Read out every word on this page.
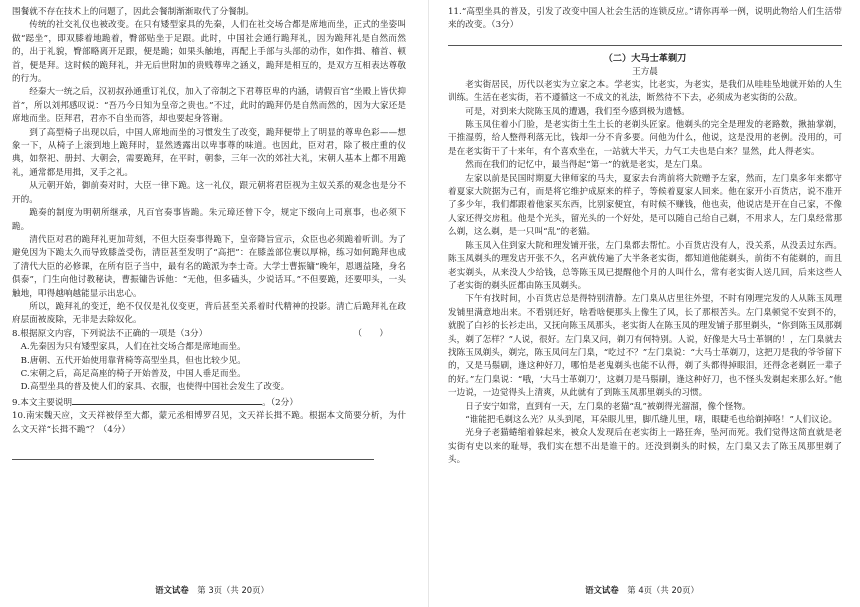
围餐就不存在技术上的问题了，因此会餐制渐渐取代了分餐制。

传统的社交礼仪也被改变。在只有矮型家具的先秦，人们在社交场合都是席地而坐，正式的坐姿叫做“跽坐”，即双膝着地跪着，臀部贴坐于足跟。此时，中国社会通行跪拜礼，因为跪拜礼是自然而然的，出于礼貌，臀部略离开足跟，便是跪；如果头触地，再配上手部与头部的动作，如作揖、稽首、顿首，便是拜。这时候的跪拜礼，并无后世附加的贵贱尊卑之涵义，跪拜是相互的，是双方互相表达尊敬的行为。

经秦大一统之后，汉初叔孙通重订礼仪，加入了帝制之下君尊臣卑的内涵，请假百官“坐殿上皆伏抑首”，所以刘邦感叹说：“吾乃今日知为皇帝之贵也。”不过，此时的跪拜仍是自然而然的，因为大家还是席地而坐。臣拜君，君亦不自坐而答，却也要起身答谢。

到了高型椅子出现以后，中国人席地而坐的习惯发生了改变，跪拜便带上了明显的尊卑色彩——想象一下，从椅子上滚到地上跪拜时，显然透露出以卑事尊的味道。也因此，臣对君，除了极庄重的仪典，如祭祀、册封、大朝会，需要跪拜，在平时，朝参，三年一次的郊社大礼，宋朝人基本上都不用跪礼，通常都是用揖，叉手之礼。

从元朝开始，御前奏对时，大臣一律下跪。这一礼仪，跟元朝将君臣视为主奴关系的观念也是分不开的。

跪奏的制度为明朝所继承，凡百官奏事皆跪。朱元璋还曾下令，规定下级向上司禀事，也必须下跪。

清代臣对君的跪拜礼更加苛刻，不但大臣奏事得跪下，皇帝降旨宣示，众臣也必须跪着听训。为了避免因为下跪太久而导致膝盖受伤，清臣甚至发明了“高把”：在膝盖部位裹以厚棉，练习如何跪拜也成了清代大臣的必修课，在所有臣子当中，最有名的跪派为李士奇。大学士曹振镛“晚年，恩遇益隆，身名俱泰”，门生向他讨教秘诀，曹振镛告诉他：“无他，但多磕头，少说话耳。”不但要跪，还要叩头，一头触地，叩得越响越能显示出忠心。

所以，跪拜礼的变迁，绝不仅仅是礼仪变更，背后甚至关系着时代精神的投影。清亡后跪拜礼在政府层面被废除，无非是去除奴化。

8.根据原文内容，下列说法不正确的一项是（3分）	（　　）

A.先秦因为只有矮型家具，人们在社交场合都是席地而坐。

B.唐朝、五代开始使用靠背椅等高型坐具，但也比较少见。

C.宋朝之后，高足高座的椅子开始普及，中国人垂足而坐。

D.高型坐具的普及使人们的家具、衣服，也使得中国社会发生了改变。

9.本文主要说明	。（2分）

10.南宋魏天应，文天祥被俘至大都，蒙元丞相博罗召见，文天祥长揖不跪。根据本文简要分析，为什么文天祥“长揖不跪”？（4分）

语文试卷 第 3页（共 20页）

11.“高型坐具的普及，引发了改变中国人社会生活的连锁反应。”请你再举一例，说明此物给人们生活带来的改变。（3分）

（二）大马士革剃刀
王方晨

老实街居民，历代以老实为立家之本。学老实，比老实，为老实，是我们从哇哇坠地就开始的人生训练。生活在老实街，若不遵循这一不成文的礼法，断然待不下去，必须成为老实街的公敌。

可是，对到来大院陈玉凤的遭遇，我们至今感到极为遗憾。

陈玉凤住着小门脸，是老实街土生土长的老剃头匠家。他剃头的完全是理发的老路数，揪抽掌剃，干推湿剪，给人整得利落无比，钱却一分不肯多要。问他为什么，他说，这是没用的老例。没用的，可是在老实街干了十来年，有个喜欢坐在，一站就大半天，力气工夫也是白来？显然，此人得老实。

然而在我们的记忆中，最当得起“第一”的就是老实，是左门臬。

左家以前是民国时期夏大律师家的马夫，夏家去台湾前将大院赠予左家，然而，左门臬多年来都守着夏家大院据为己有，而是将它维护成原来的样子，等候着夏家人回来。他在家开小百货店，说不准开了多少年，我们都跟着他家买东西，比别家便宜，有时候不赚钱，他也卖，他说店是开在自己家，不像人家还得交房租。他是个光头，留光头的一个好处，是可以随自己给自己剃，不用求人，左门臬经常那么剃，这么剃，是一只叫“乱”的老猫。

陈玉凤入住到家大院和理发铺开张，左门臬都去帮忙。小百货店没有人，没关系，从没丢过东西。陈玉凤剃头的理发店开张不久，名声就传遍了大半条老实街，都知道他能剃头，前街不有能剃的，而且老实剃头，从来没人少给钱，总等陈玉凤已提醒他个月的人叫什么，常有老实街人送几回，后来这些人了老实街的剃头匠都由陈玉凤剃头。

下午有找时间，小百货店总是得特别清静。左门臬从店里往外望，不时有刚理完发的人从陈玉凤理发铺里满意地出来。不看别还好，啥看啥便那头上像生了风，长了那根苦头。左门臬顿觉不安到不的，就脱了白衫的长衫走出，又抚向陈玉凤那头，老实街人在陈玉凤的理发铺子那里剃头，“你到陈玉凤那剃头，剃了怎样？”人说，很好。左门臬又问，剃刀有何特别。人说，好像是大马士革钢的！，左门臬就去找陈玉凤剃头，剃完，陈玉凤问左门臬，“吃过不？”左门臬说：“大马士革剃刀，这把刀是我的爷爷留下的，又是马鬃刷，逢这种好刀，哪怕是老鬼剃头也能不认得，剃了头都得掉眼泪，还得念老剃匠一辈子的好。”左门臬说：“哦，‘大马士革剃刀’，这剃刀是马鬃刷，逢这种好刀，也不怪头发剃起来那么好。”他一边说，一边觉得头上清爽，从此就有了到陈玉凤那里剃头的习惯。

日子安宁如常，直到有一天，左门臬的老猫“乱”被剃得光溜溜，像个怪物。

“谁能把毛剃这么光？从头到尾，耳朵眼儿里，脚爪缝儿里，嗐，眼睫毛也给剃掉咯！”人们议论。

光身子老猫蜷缩着躲起来，被众人发现后在老实街上一路狂奔，坠河而死。我们觉得这简直就是老实街有史以来的耻辱，我们实在想不出是谁干的。还没到剃头的时候，左门臬又去了陈玉凤那里剃了头。

语文试卷 第 4页（共 20页）
